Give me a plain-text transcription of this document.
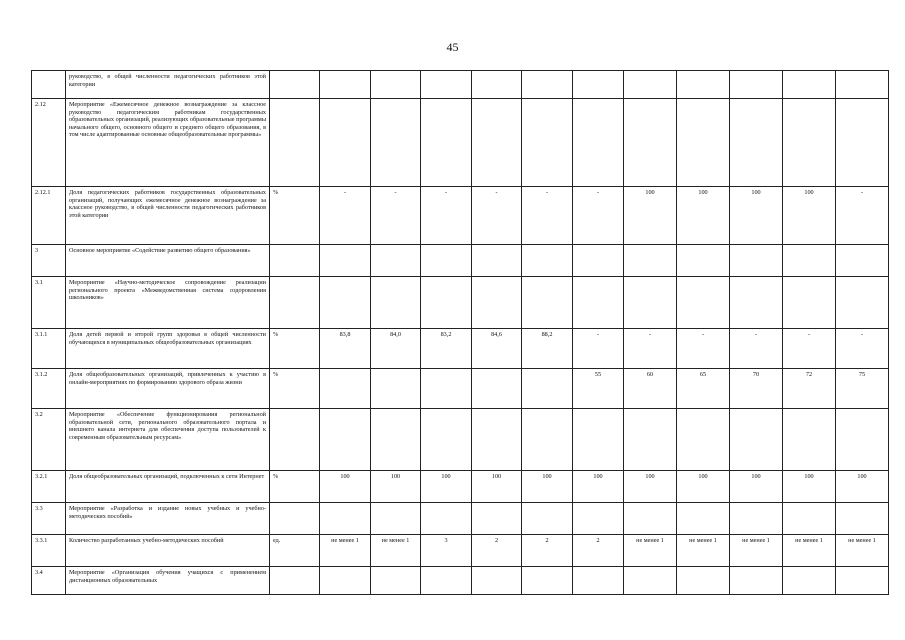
45
	руководство, в общей численности педагогических работников этой категории												
2.12	Мероприятие «Ежемесячное денежное вознаграждение за классное руководство педагогическим работникам государственных образовательных организаций, реализующих образовательные программы начального общего, основного общего и среднего общего образования, в том числе адаптированные основные общеобразовательные программы»												
2.12.1	Доля педагогических работников государственных образовательных организаций, получающих ежемесячное денежное вознаграждение за классное руководство, в общей численности педагогических работников этой категории	%	-	-	-	-	-	-	100	100	100	100	-
3	Основное мероприятие «Содействие развитию общего образования»												
3.1	Мероприятие «Научно-методическое сопровождение реализации регионального проекта «Межведомственная система оздоровления школьников»												
3.1.1	Доля детей первой и второй групп здоровья в общей численности обучающихся в муниципальных общеобразовательных организациях	%	83,8	84,0	83,2	84,6	88,2	-	-	-	-	-	-
3.1.2	Доля общеобразовательных организаций, привлеченных к участию в онлайн-мероприятиях по формированию здорового образа жизни	%						55	60	65	70	72	75
3.2	Мероприятие «Обеспечение функционирования региональной образовательной сети, регионального образовательного портала и внешнего канала интернета для обеспечения доступа пользователей к современным образовательным ресурсам»												
3.2.1	Доля общеобразовательных организаций, подключенных к сети Интернет	%	100	100	100	100	100	100	100	100	100	100	100
3.3	Мероприятие «Разработка и издание новых учебных и учебно-методических пособий»												
3.3.1	Количество разработанных учебно-методических пособий	ед.	не менее 1	не менее 1	3	2	2	2	не менее 1	не менее 1	не менее 1	не менее 1	не менее 1
3.4	Мероприятие «Организация обучения учащихся с применением дистанционных образовательных												
